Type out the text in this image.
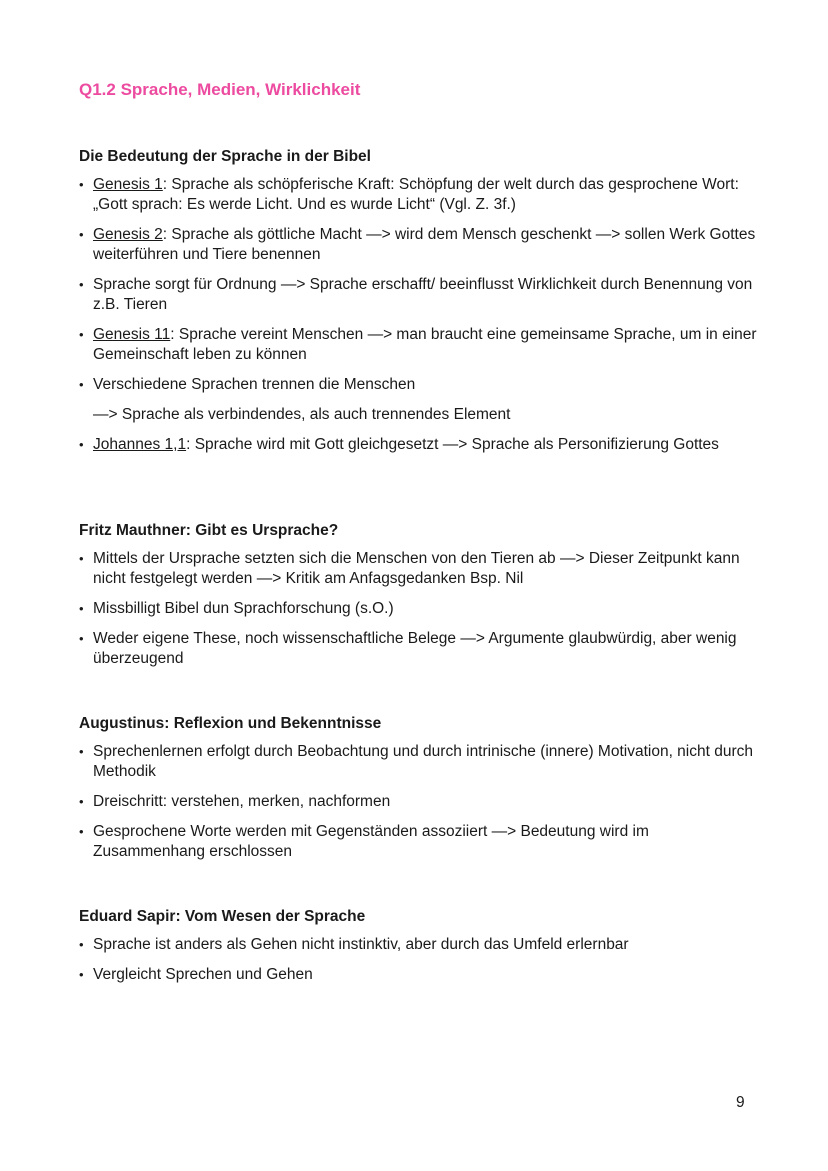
Q1.2 Sprache, Medien, Wirklichkeit
Die Bedeutung der Sprache in der Bibel
• Genesis 1: Sprache als schöpferische Kraft: Schöpfung der welt durch das gesprochene Wort: „Gott sprach: Es werde Licht. Und es wurde Licht“ (Vgl. Z. 3f.)
• Genesis 2: Sprache als göttliche Macht —> wird dem Mensch geschenkt —> sollen Werk Gottes weiterführen und Tiere benennen
• Sprache sorgt für Ordnung —> Sprache erschafft/ beeinflusst Wirklichkeit durch Benennung von z.B. Tieren
• Genesis 11: Sprache vereint Menschen —> man braucht eine gemeinsame Sprache, um in einer Gemeinschaft leben zu können
• Verschiedene Sprachen trennen die Menschen
—> Sprache als verbindendes, als auch trennendes Element
• Johannes 1,1: Sprache wird mit Gott gleichgesetzt —> Sprache als Personifizierung Gottes
Fritz Mauthner: Gibt es Ursprache?
• Mittels der Ursprache setzten sich die Menschen von den Tieren ab —> Dieser Zeitpunkt kann nicht festgelegt werden —> Kritik am Anfagsgedanken Bsp. Nil
• Missbilligt Bibel dun Sprachforschung (s.O.)
• Weder eigene These, noch wissenschaftliche Belege —> Argumente glaubwürdig, aber wenig überzeugend
Augustinus: Reflexion und Bekenntnisse
• Sprechenlernen erfolgt durch Beobachtung und durch intrinische (innere) Motivation, nicht durch Methodik
• Dreischritt: verstehen, merken, nachformen
• Gesprochene Worte werden mit Gegenständen assoziiert —> Bedeutung wird im Zusammenhang erschlossen
Eduard Sapir: Vom Wesen der Sprache
• Sprache ist anders als Gehen nicht instinktiv, aber durch das Umfeld erlernbar
• Vergleicht Sprechen und Gehen
9
